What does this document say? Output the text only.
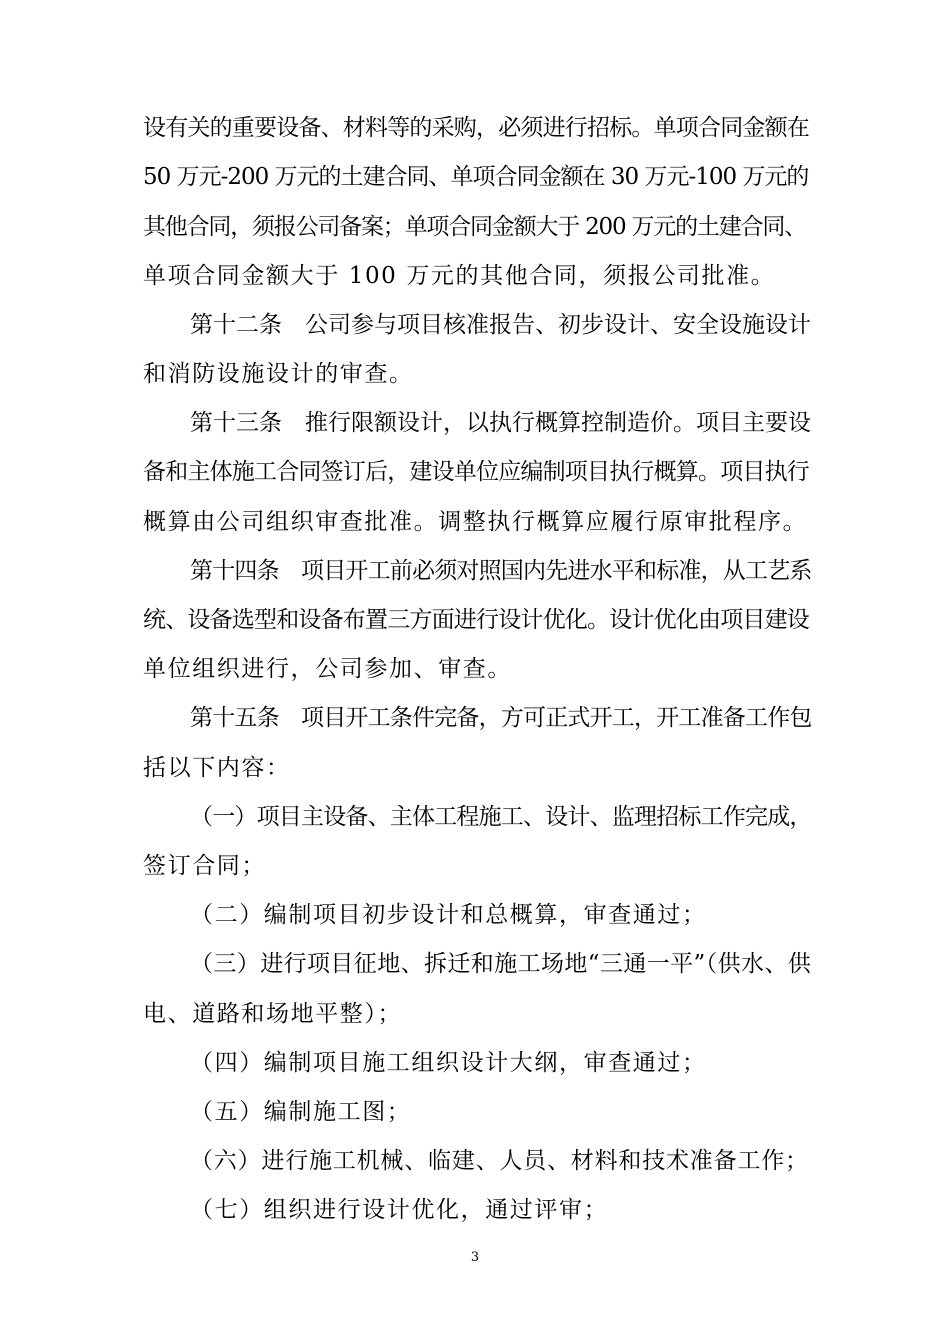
设有关的重要设备、材料等的采购，必须进行招标。单项合同金额在
50 万元-200 万元的土建合同、单项合同金额在 30 万元-100 万元的
其他合同，须报公司备案；单项合同金额大于 200 万元的土建合同、
单项合同金额大于 100 万元的其他合同，须报公司批准。
第十二条　公司参与项目核准报告、初步设计、安全设施设计
和消防设施设计的审查。
第十三条　推行限额设计，以执行概算控制造价。项目主要设
备和主体施工合同签订后，建设单位应编制项目执行概算。项目执行
概算由公司组织审查批准。调整执行概算应履行原审批程序。
第十四条　项目开工前必须对照国内先进水平和标准，从工艺系
统、设备选型和设备布置三方面进行设计优化。设计优化由项目建设
单位组织进行，公司参加、审查。
第十五条　项目开工条件完备，方可正式开工，开工准备工作包
括以下内容：
（一）项目主设备、主体工程施工、设计、监理招标工作完成，
签订合同；
（二）编制项目初步设计和总概算，审查通过；
（三）进行项目征地、拆迁和施工场地“三通一平”（供水、供
电、道路和场地平整）；
（四）编制项目施工组织设计大纲，审查通过；
（五）编制施工图；
（六）进行施工机械、临建、人员、材料和技术准备工作；
（七）组织进行设计优化，通过评审；
3
